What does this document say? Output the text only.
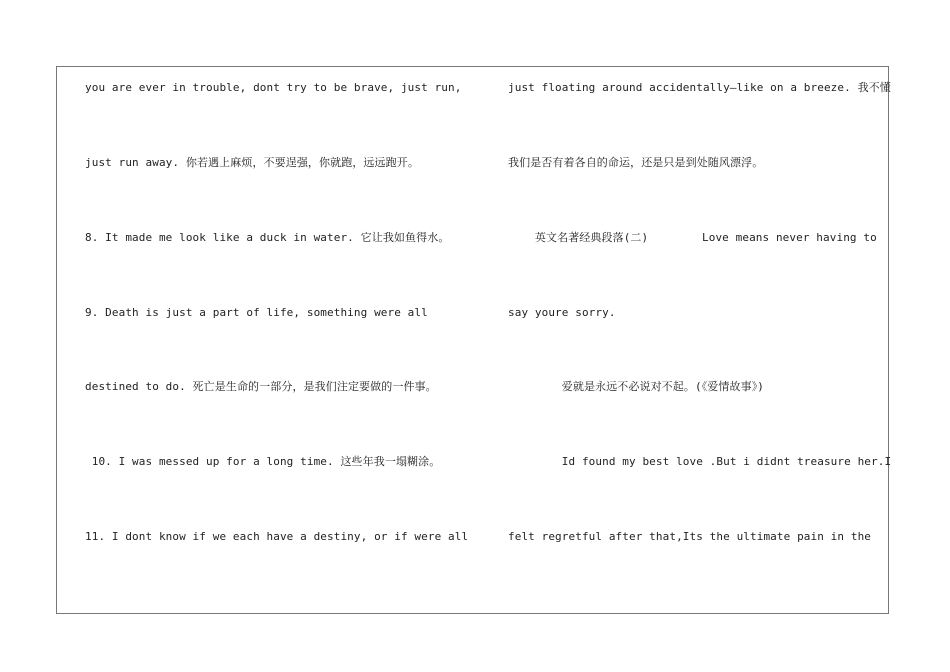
you are ever in trouble, dont try to be brave, just run,
just run away. 你若遇上麻烦，不要逞强，你就跑，远远跑开。
8. It made me look like a duck in water. 它让我如鱼得水。
9. Death is just a part of life, something were all
destined to do. 死亡是生命的一部分，是我们注定要做的一件事。
10. I was messed up for a long time. 这些年我一塌糊涂。
11. I dont know if we each have a destiny, or if were all
just floating around accidentally—like on a breeze. 我不懂
我们是否有着各自的命运，还是只是到处随风漂浮。
英文名著经典段落(二)        Love means never having to
say youre sorry.
爱就是永远不必说对不起。(《爱情故事》)
Id found my best love .But i didnt treasure her.I
felt regretful after that,Its the ultimate pain in the
